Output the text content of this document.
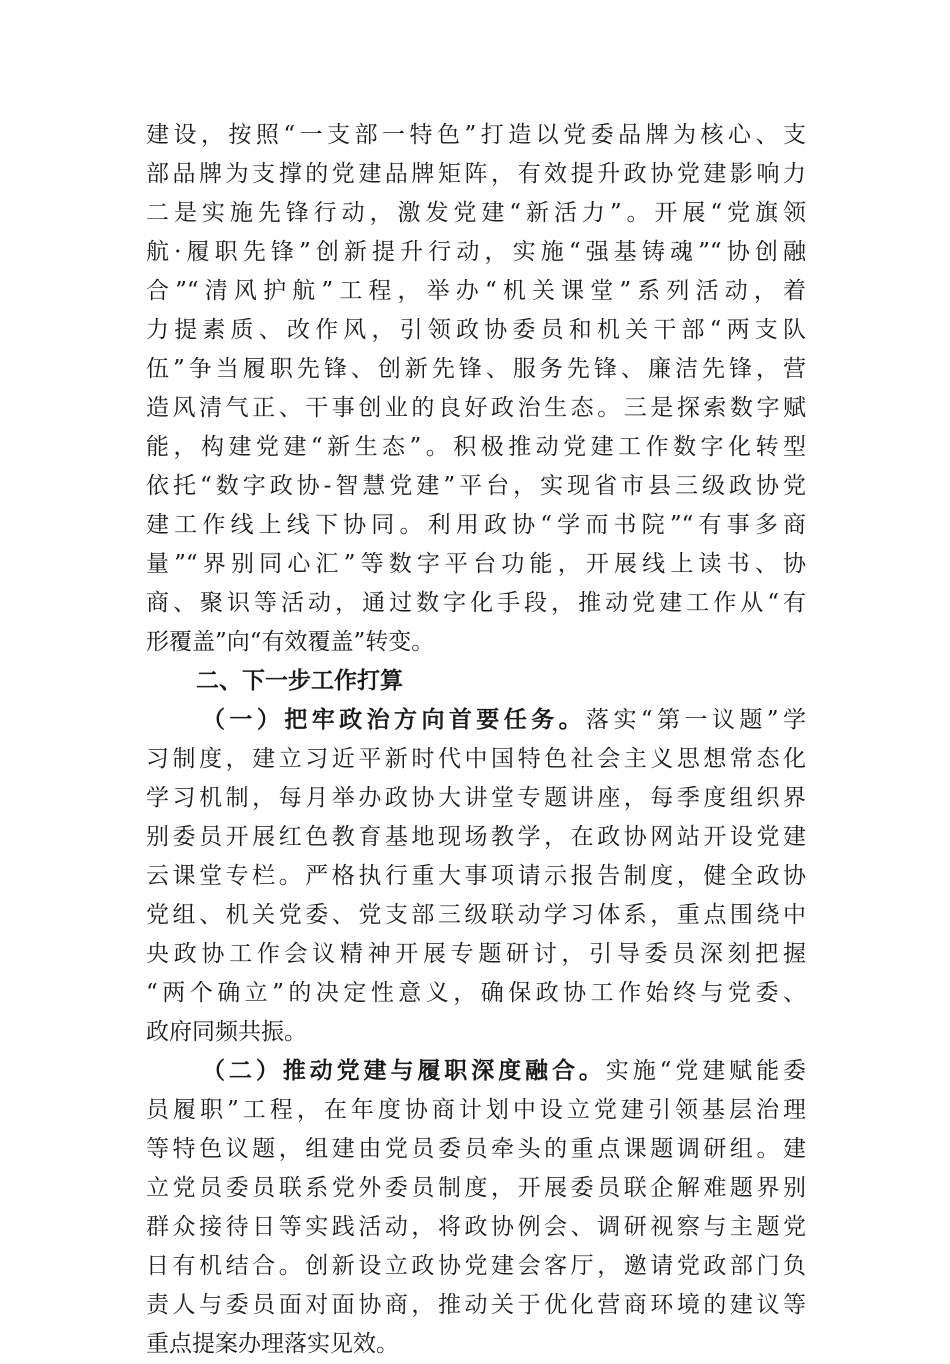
建设，按照“一支部一特色”打造以党委品牌为核心、支
部品牌为支撑的党建品牌矩阵，有效提升政协党建影响力
二是实施先锋行动，激发党建“新活力”。开展“党旗领
航·履职先锋”创新提升行动，实施“强基铸魂”“协创融
合”“清风护航”工程，举办“机关课堂”系列活动，着
力提素质、改作风，引领政协委员和机关干部“两支队
伍”争当履职先锋、创新先锋、服务先锋、廉洁先锋，营
造风清气正、干事创业的良好政治生态。三是探索数字赋
能，构建党建“新生态”。积极推动党建工作数字化转型
依托“数字政协-智慧党建”平台，实现省市县三级政协党
建工作线上线下协同。利用政协“学而书院”“有事多商
量”“界别同心汇”等数字平台功能，开展线上读书、协
商、聚识等活动，通过数字化手段，推动党建工作从“有
形覆盖”向“有效覆盖”转变。
二、下一步工作打算
（一）把牢政治方向首要任务。落实“第一议题”学
习制度，建立习近平新时代中国特色社会主义思想常态化
学习机制，每月举办政协大讲堂专题讲座，每季度组织界
别委员开展红色教育基地现场教学，在政协网站开设党建
云课堂专栏。严格执行重大事项请示报告制度，健全政协
党组、机关党委、党支部三级联动学习体系，重点围绕中
央政协工作会议精神开展专题研讨，引导委员深刻把握
“两个确立”的决定性意义，确保政协工作始终与党委、
政府同频共振。
（二）推动党建与履职深度融合。实施“党建赋能委
员履职”工程，在年度协商计划中设立党建引领基层治理
等特色议题，组建由党员委员牵头的重点课题调研组。建
立党员委员联系党外委员制度，开展委员联企解难题界别
群众接待日等实践活动，将政协例会、调研视察与主题党
日有机结合。创新设立政协党建会客厅，邀请党政部门负
责人与委员面对面协商，推动关于优化营商环境的建议等
重点提案办理落实见效。
